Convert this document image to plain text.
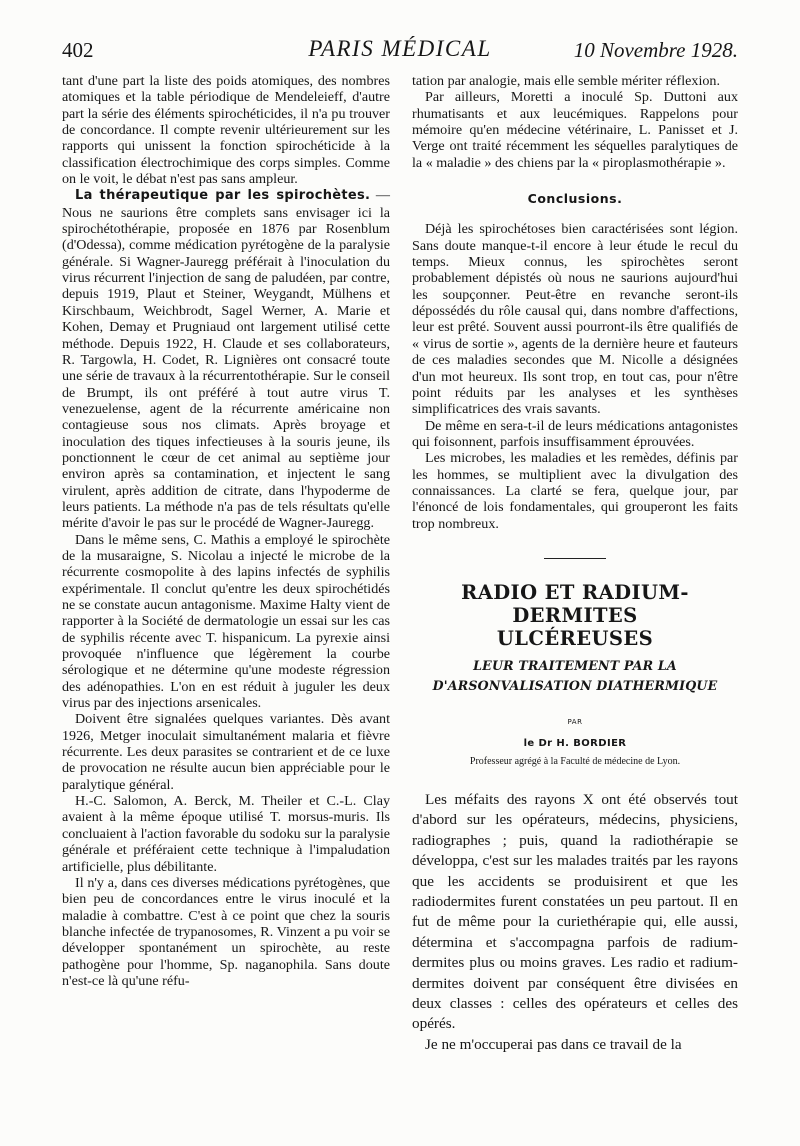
402	PARIS MÉDICAL	10 Novembre 1928.

tant d'une part la liste des poids atomiques, des nombres atomiques et la table périodique de Mendeleieff, d'autre part la série des éléments spirochéticides, il n'a pu trouver de concordance. Il compte revenir ultérieurement sur les rapports qui unissent la fonction spirochéticide à la classification électrochimique des corps simples. Comme on le voit, le débat n'est pas sans ampleur.

La thérapeutique par les spirochètes. — Nous ne saurions être complets sans envisager ici la spirochétothérapie, proposée en 1876 par Rosenblum (d'Odessa), comme médication pyrétogène de la paralysie générale. Si Wagner-Jauregg préférait à l'inoculation du virus récurrent l'injection de sang de paludéen, par contre, depuis 1919, Plaut et Steiner, Weygandt, Mülhens et Kirschbaum, Weichbrodt, Sagel Werner, A. Marie et Kohen, Demay et Prugniaud ont largement utilisé cette méthode. Depuis 1922, H. Claude et ses collaborateurs, R. Targowla, H. Codet, R. Lignières ont consacré toute une série de travaux à la récurrentothérapie. Sur le conseil de Brumpt, ils ont préféré à tout autre virus T. venezuelense, agent de la récurrente américaine non contagieuse sous nos climats. Après broyage et inoculation des tiques infectieuses à la souris jeune, ils ponctionnent le cœur de cet animal au septième jour environ après sa contamination, et injectent le sang virulent, après addition de citrate, dans l'hypoderme de leurs patients. La méthode n'a pas de tels résultats qu'elle mérite d'avoir le pas sur le procédé de Wagner-Jauregg.

Dans le même sens, C. Mathis a employé le spirochète de la musaraigne, S. Nicolau a injecté le microbe de la récurrente cosmopolite à des lapins infectés de syphilis expérimentale. Il conclut qu'entre les deux spirochétidés ne se constate aucun antagonisme. Maxime Halty vient de rapporter à la Société de dermatologie un essai sur les cas de syphilis récente avec T. hispanicum. La pyrexie ainsi provoquée n'influence que légèrement la courbe sérologique et ne détermine qu'une modeste régression des adénopathies. L'on en est réduit à juguler les deux virus par des injections arsenicales.

Doivent être signalées quelques variantes. Dès avant 1926, Metger inoculait simultanément malaria et fièvre récurrente. Les deux parasites se contrarient et de ce luxe de provocation ne résulte aucun bien appréciable pour le paralytique général.

H.-C. Salomon, A. Berck, M. Theiler et C.-L. Clay avaient à la même époque utilisé T. morsus-muris. Ils concluaient à l'action favorable du sodoku sur la paralysie générale et préféraient cette technique à l'impaludation artificielle, plus débilitante.

Il n'y a, dans ces diverses médications pyrétogènes, que bien peu de concordances entre le virus inoculé et la maladie à combattre. C'est à ce point que chez la souris blanche infectée de trypanosomes, R. Vinzent a pu voir se développer spontanément un spirochète, au reste pathogène pour l'homme, Sp. naganophila. Sans doute n'est-ce là qu'une réfu-

tation par analogie, mais elle semble mériter réflexion.

Par ailleurs, Moretti a inoculé Sp. Duttoni aux rhumatisants et aux leucémiques. Rappelons pour mémoire qu'en médecine vétérinaire, L. Panisset et J. Verge ont traité récemment les séquelles paralytiques de la « maladie » des chiens par la « piroplasmothérapie ».

Conclusions.

Déjà les spirochétoses bien caractérisées sont légion. Sans doute manque-t-il encore à leur étude le recul du temps. Mieux connus, les spirochètes seront probablement dépistés où nous ne saurions aujourd'hui les soupçonner. Peut-être en revanche seront-ils dépossédés du rôle causal qui, dans nombre d'affections, leur est prêté. Souvent aussi pourront-ils être qualifiés de « virus de sortie », agents de la dernière heure et fauteurs de ces maladies secondes que M. Nicolle a désignées d'un mot heureux. Ils sont trop, en tout cas, pour n'être point réduits par les analyses et les synthèses simplificatrices des vrais savants.

De même en sera-t-il de leurs médications antagonistes qui foisonnent, parfois insuffisamment éprouvées.

Les microbes, les maladies et les remèdes, définis par les hommes, se multiplient avec la divulgation des connaissances. La clarté se fera, quelque jour, par l'énoncé de lois fondamentales, qui grouperont les faits trop nombreux.

RADIO ET RADIUM-DERMITES
ULCÉREUSES
LEUR TRAITEMENT PAR LA
D'ARSONVALISATION DIATHERMIQUE
PAR
le Dr H. BORDIER
Professeur agrégé à la Faculté de médecine de Lyon.

Les méfaits des rayons X ont été observés tout d'abord sur les opérateurs, médecins, physiciens, radiographes ; puis, quand la radiothérapie se développa, c'est sur les malades traités par les rayons que les accidents se produisirent et que les radiodermites furent constatées un peu partout. Il en fut de même pour la curiethérapie qui, elle aussi, détermina et s'accompagna parfois de radium-dermites plus ou moins graves. Les radio et radium-dermites doivent par conséquent être divisées en deux classes : celles des opérateurs et celles des opérés.

Je ne m'occuperai pas dans ce travail de la
